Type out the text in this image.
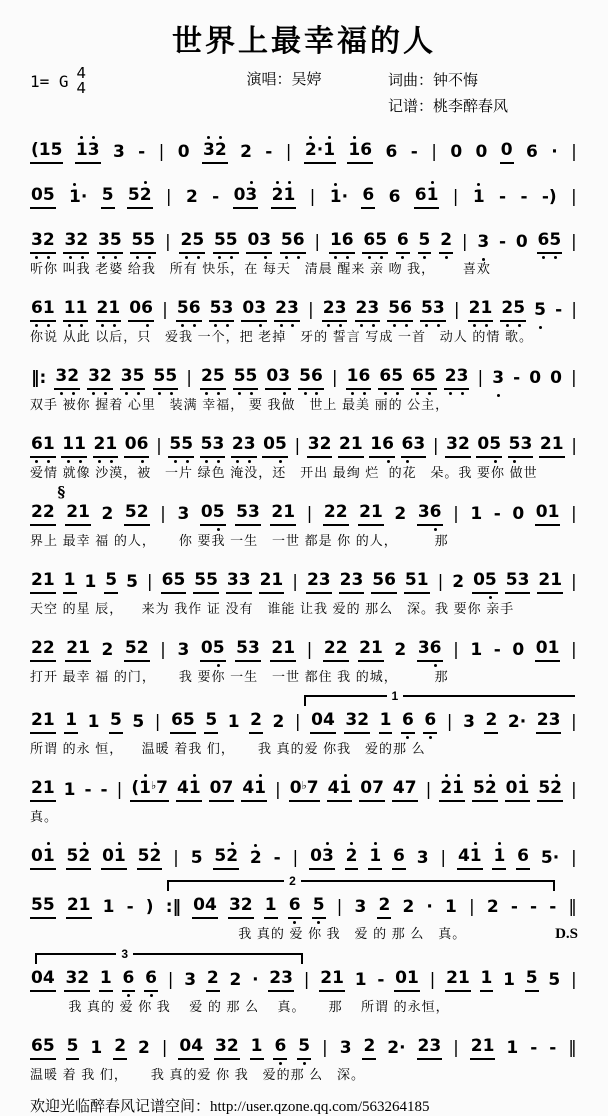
世界上最幸福的人
1= G 4
4	演唱：吴婷	词曲：钟不悔
记谱：桃李醉春风
( 1 5 1 3 3 - | 0 3 2 2 - | 2 · 1 1 6 6 - | 0 0 0 6 · |
0 5 1 · 5 5 2 | 2 - 0 3 2 1 | 1 · 6 6 6 1 | 1 - - - ) |
3 2 3 2 3 5 5 5 | 2 5 5 5 0 3 5 6 | 1 6 6 5 6 5 2 | 3 - 0 6 5 |
听你 叫我 老婆 给我   所有 快乐，在 每天   清晨 醒来 亲 吻 我，      喜欢
6 1 1 1 2 1 0 6 | 5 6 5 3 0 3 2 3 | 2 3 2 3 5 6 5 3 | 2 1 2 5 5 - |
你说 从此 以后，只   爱我 一个，把 老掉   牙的 誓言 写成 一首   动人 的情 歌。
‖: 3 2 3 2 3 5 5 5 | 2 5 5 5 0 3 5 6 | 1 6 6 5 6 5 2 3 | 3 - 0 0 |
双手 被你 握着 心里   装满 幸福， 要 我做   世上 最美 丽的 公主，
6 1 1 1 2 1 0 6 | 5 5 5 3 2 3 0 5 | 3 2 2 1 1 6 6 3 | 3 2 0 5 5 3 2 1 |
爱情 就像 沙漠，被   一片 绿色 淹没，还   开出 最绚 烂  的花   朵。我 要你 做世
§
2 2 2 1 2 5 2 | 3 0 5 5 3 2 1 | 2 2 2 1 2 3 6 | 1 - 0 0 1 |
界上 最幸 福 的人，     你 要我 一生   一世 都是 你 的人，        那
2 1 1 1 5 5 | 6 5 5 5 3 3 2 1 | 2 3 2 3 5 6 5 1 | 2 0 5 5 3 2 1 |
天空 的星 辰，    来为 我作 证 没有   谁能 让我 爱的 那么   深。我 要你 亲手
2 2 2 1 2 5 2 | 3 0 5 5 3 2 1 | 2 2 2 1 2 3 6 | 1 - 0 0 1 |
打开 最幸 福 的门，     我 要你 一生   一世 都住 我 的城，        那
1
2 1 1 1 5 5 | 6 5 5 1 2 2 | 0 4 3 2 1 6 6 | 3 2 2 · 2 3 |
所谓 的永 恒，    温暖 着我 们，     我 真的爱 你我   爱的那 么
2 1 1 - - | ( 1 ♭ 7 4 1 0 7 4 1 | 0 ♭ 7 4 1 0 7 4 7 | 2 1 5 2 0 1 5 2 |
真。
0 1 5 2 0 1 5 2 | 5 5 2 2 - | 0 3 2 1 6 3 | 4 1 1 6 5 · |
2
5 5 2 1 1 - ) :‖ 0 4 3 2 1 6 5 | 3 2 2 · 1 | 2 - - - ‖
我 真的 爱 你 我   爱 的 那 么   真。	D.S
3
0 4 3 2 1 6 6 | 3 2 2 · 2 3 | 2 1 1 - 0 1 | 2 1 1 1 5 5 |
我 真的 爱 你 我    爱 的 那 么    真。     那    所谓 的永恒，
6 5 5 1 2 2 | 0 4 3 2 1 6 5 | 3 2 2 · 2 3 | 2 1 1 - - ‖
温暖 着 我 们，     我 真的爱 你 我   爱的那 么   深。
欢迎光临醉春风记谱空间：http://user.qzone.qq.com/563264185
